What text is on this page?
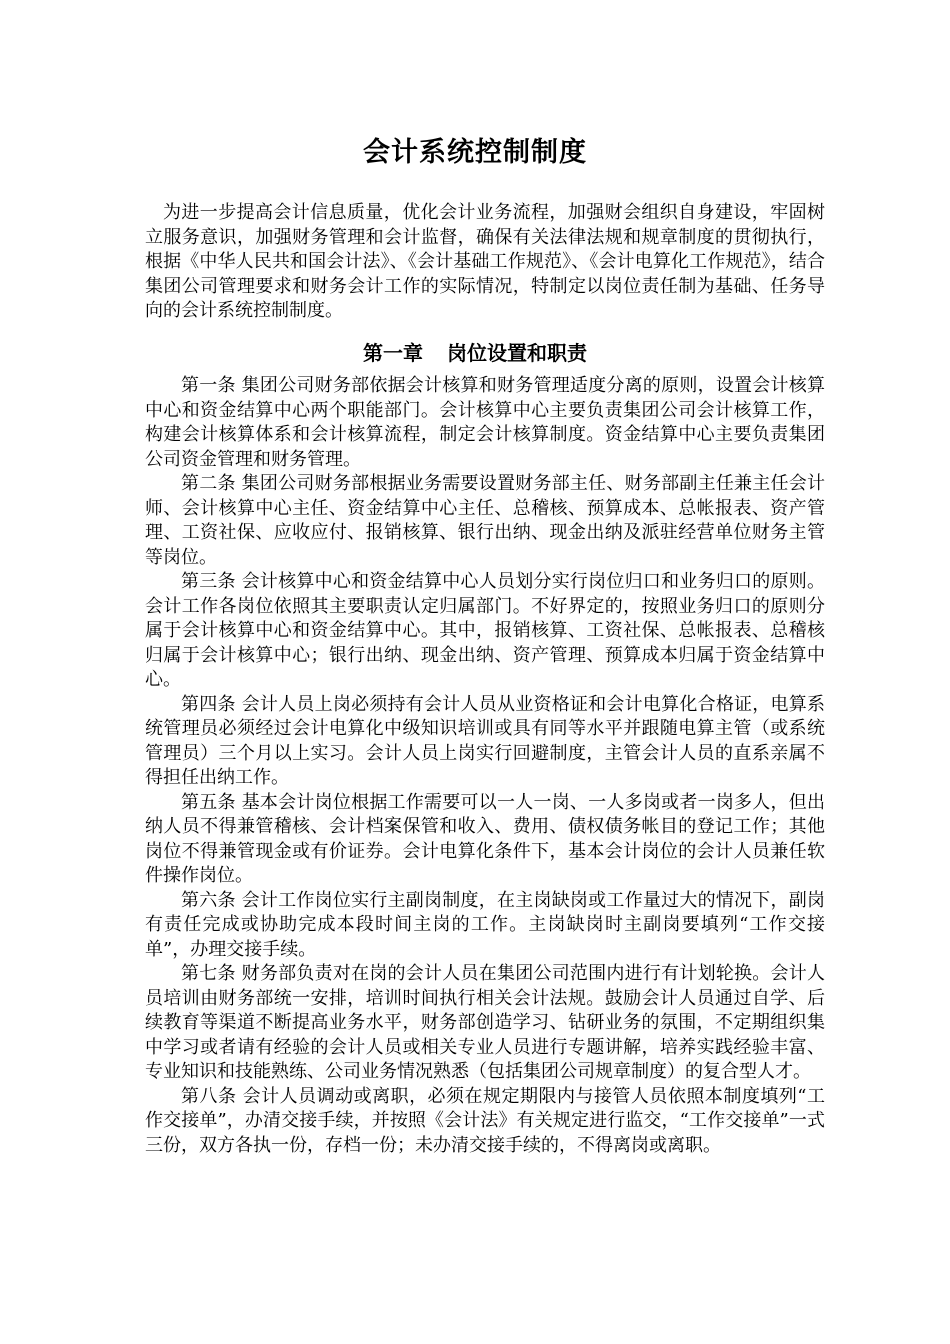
会计系统控制制度

为进一步提高会计信息质量，优化会计业务流程，加强财会组织自身建设，牢固树立服务意识，加强财务管理和会计监督，确保有关法律法规和规章制度的贯彻执行，根据《中华人民共和国会计法》、《会计基础工作规范》、《会计电算化工作规范》，结合集团公司管理要求和财务会计工作的实际情况，特制定以岗位责任制为基础、任务导向的会计系统控制制度。

第一章 岗位设置和职责

第一条 集团公司财务部依据会计核算和财务管理适度分离的原则，设置会计核算中心和资金结算中心两个职能部门。会计核算中心主要负责集团公司会计核算工作，构建会计核算体系和会计核算流程，制定会计核算制度。资金结算中心主要负责集团公司资金管理和财务管理。

第二条 集团公司财务部根据业务需要设置财务部主任、财务部副主任兼主任会计师、会计核算中心主任、资金结算中心主任、总稽核、预算成本、总帐报表、资产管理、工资社保、应收应付、报销核算、银行出纳、现金出纳及派驻经营单位财务主管等岗位。

第三条 会计核算中心和资金结算中心人员划分实行岗位归口和业务归口的原则。会计工作各岗位依照其主要职责认定归属部门。不好界定的，按照业务归口的原则分属于会计核算中心和资金结算中心。其中，报销核算、工资社保、总帐报表、总稽核归属于会计核算中心；银行出纳、现金出纳、资产管理、预算成本归属于资金结算中心。

第四条 会计人员上岗必须持有会计人员从业资格证和会计电算化合格证，电算系统管理员必须经过会计电算化中级知识培训或具有同等水平并跟随电算主管（或系统管理员）三个月以上实习。会计人员上岗实行回避制度，主管会计人员的直系亲属不得担任出纳工作。

第五条 基本会计岗位根据工作需要可以一人一岗、一人多岗或者一岗多人，但出纳人员不得兼管稽核、会计档案保管和收入、费用、债权债务帐目的登记工作；其他岗位不得兼管现金或有价证券。会计电算化条件下，基本会计岗位的会计人员兼任软件操作岗位。

第六条 会计工作岗位实行主副岗制度，在主岗缺岗或工作量过大的情况下，副岗有责任完成或协助完成本段时间主岗的工作。主岗缺岗时主副岗要填列“工作交接单”，办理交接手续。

第七条 财务部负责对在岗的会计人员在集团公司范围内进行有计划轮换。会计人员培训由财务部统一安排，培训时间执行相关会计法规。鼓励会计人员通过自学、后续教育等渠道不断提高业务水平，财务部创造学习、钻研业务的氛围，不定期组织集中学习或者请有经验的会计人员或相关专业人员进行专题讲解，培养实践经验丰富、专业知识和技能熟练、公司业务情况熟悉（包括集团公司规章制度）的复合型人才。

第八条 会计人员调动或离职，必须在规定期限内与接管人员依照本制度填列“工作交接单”，办清交接手续，并按照《会计法》有关规定进行监交，“工作交接单”一式三份，双方各执一份，存档一份；未办清交接手续的，不得离岗或离职。
